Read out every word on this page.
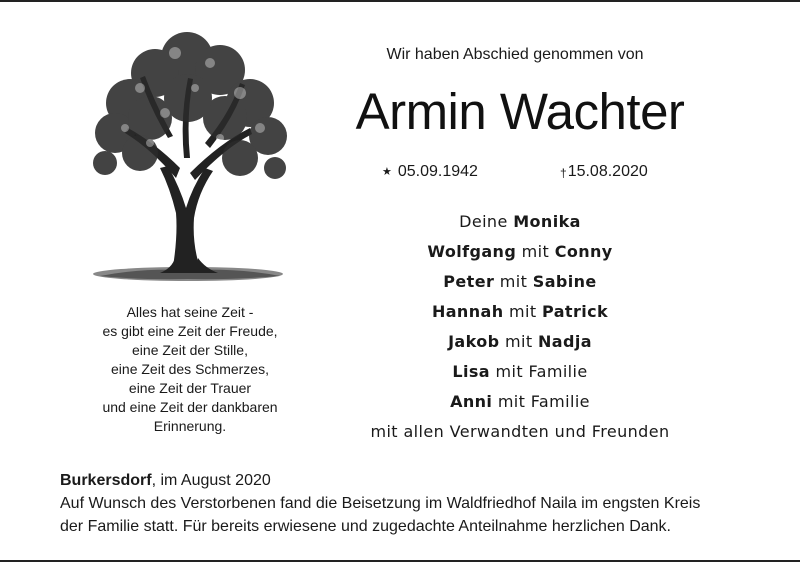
Alles hat seine Zeit -
es gibt eine Zeit der Freude,
eine Zeit der Stille,
eine Zeit des Schmerzes,
eine Zeit der Trauer
und eine Zeit der dankbaren
Erinnerung.
Wir haben Abschied genommen von
Armin Wachter
★ 05.09.1942	†15.08.2020
Deine Monika
Wolfgang mit Conny
Peter mit Sabine
Hannah mit Patrick
Jakob mit Nadja
Lisa mit Familie
Anni mit Familie
mit allen Verwandten und Freunden
Burkersdorf, im August 2020
Auf Wunsch des Verstorbenen fand die Beisetzung im Waldfriedhof Naila im engsten Kreis
der Familie statt. Für bereits erwiesene und zugedachte Anteilnahme herzlichen Dank.
